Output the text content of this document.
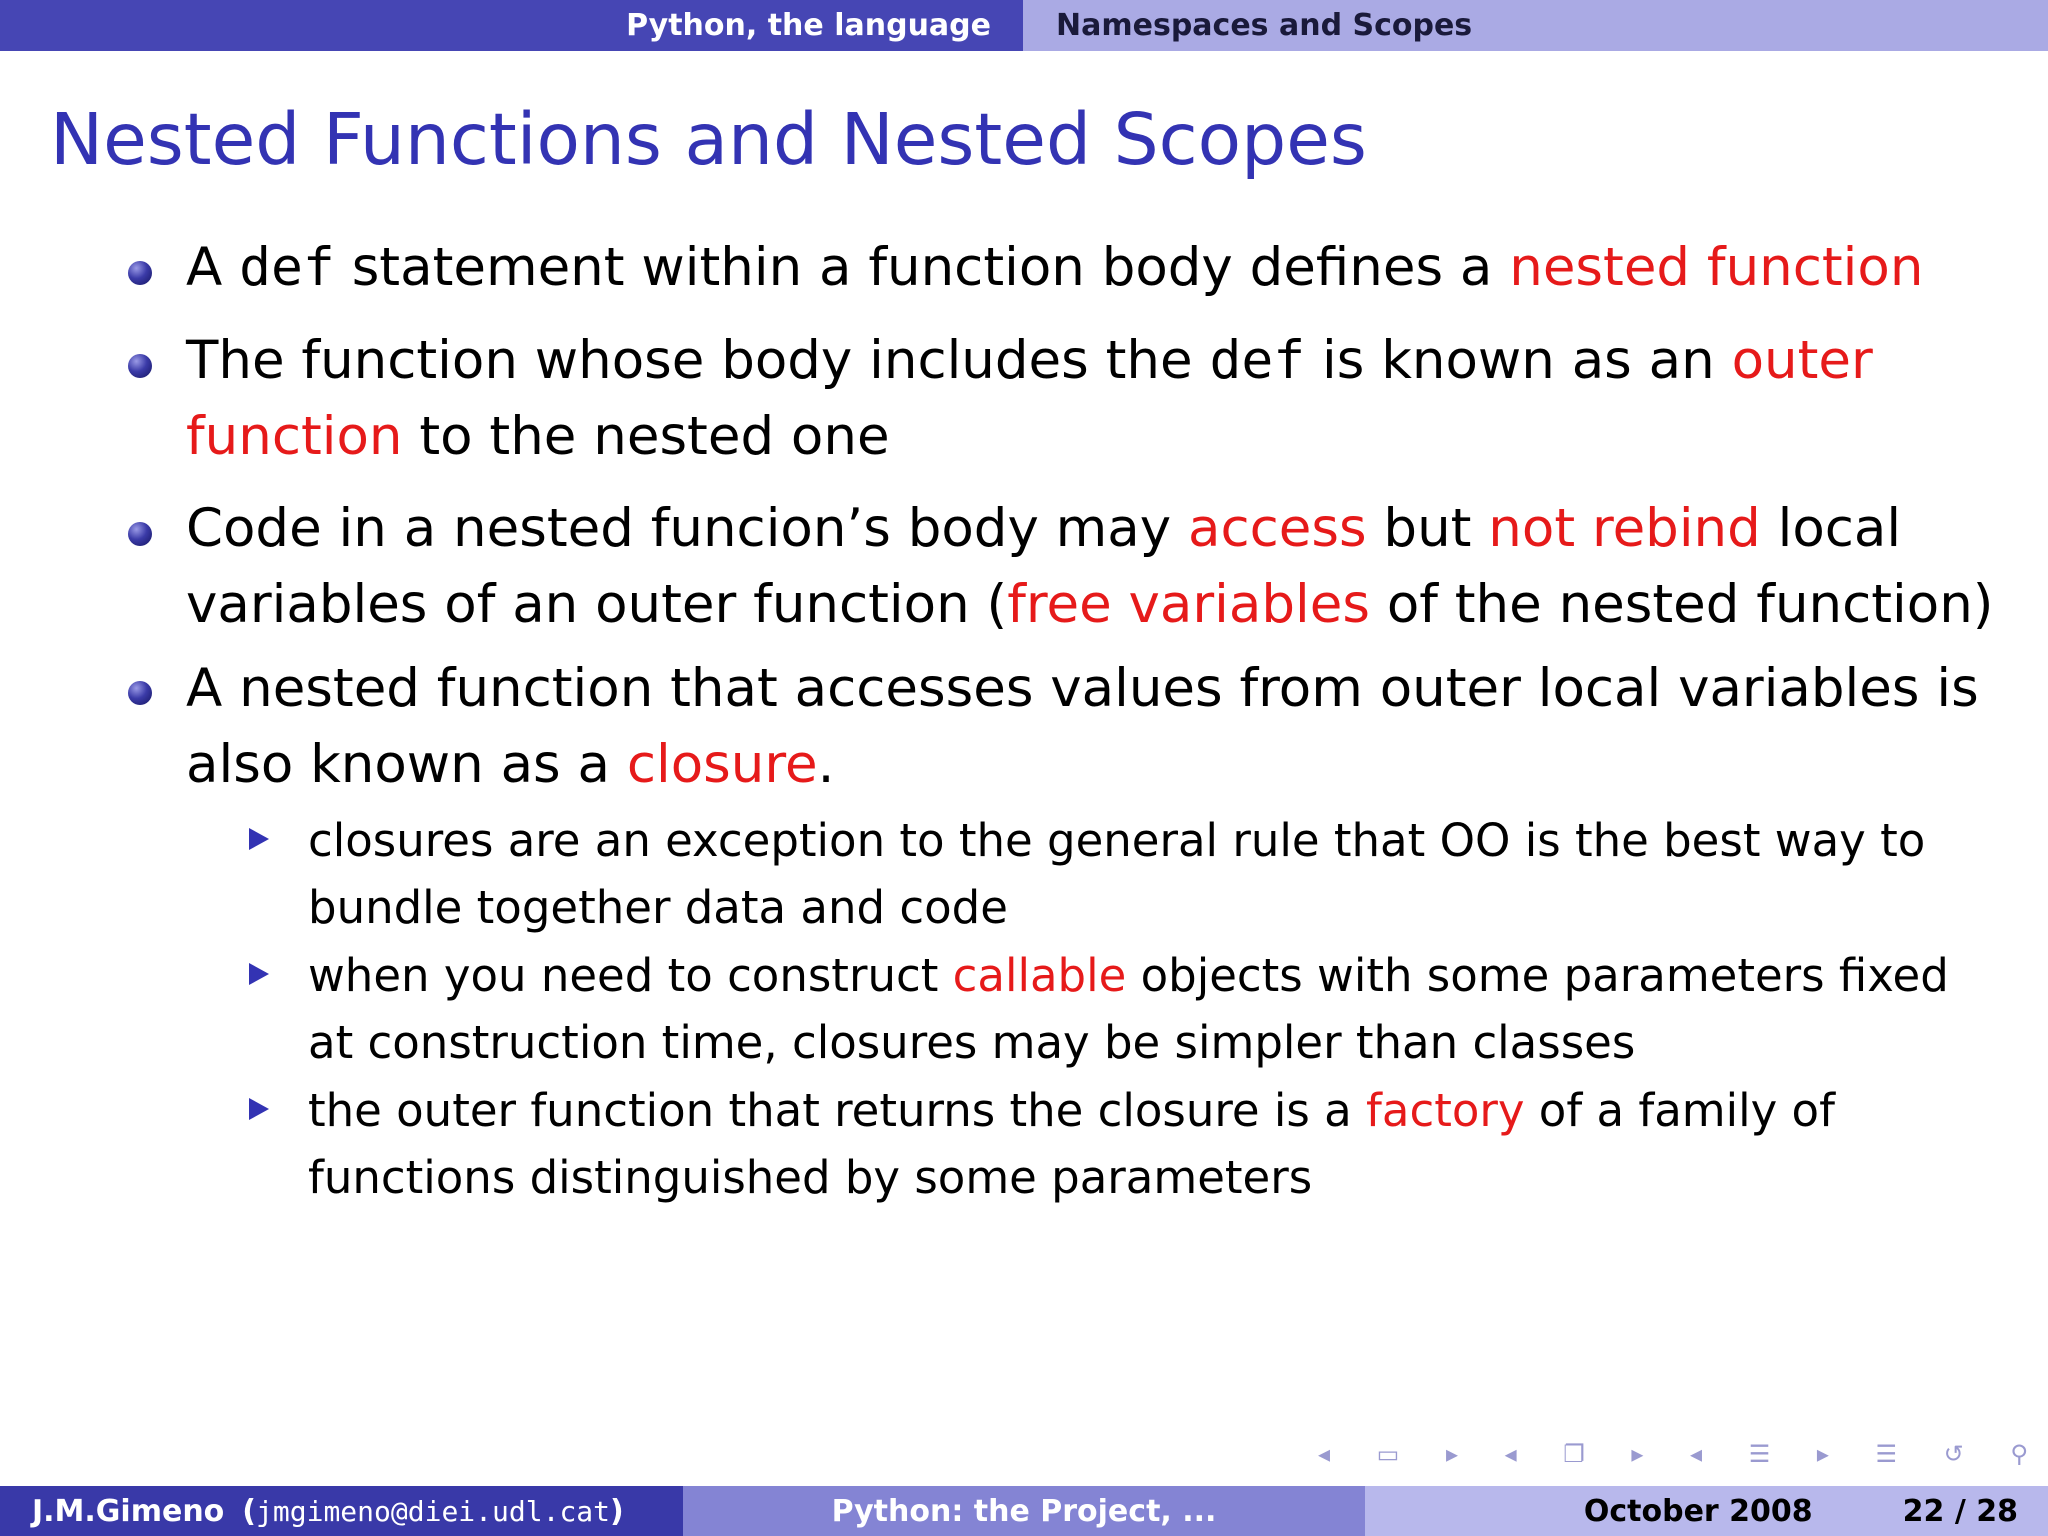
Python, the language Namespaces and Scopes
Nested Functions and Nested Scopes
A def statement within a function body defines a nested function
The function whose body includes the def is known as an outer
function to the nested one
Code in a nested funcion’s body may access but not rebind local
variables of an outer function (free variables of the nested function)
A nested function that accesses values from outer local variables is
also known as a closure.
closures are an exception to the general rule that OO is the best way to
bundle together data and code
when you need to construct callable objects with some parameters fixed
at construction time, closures may be simpler than classes
the outer function that returns the closure is a factory of a family of
functions distinguished by some parameters
◂ ▭ ▸ ◂ ❐ ▸ ◂ ☰ ▸ ☰ ↺ ⚲
J.M.Gimeno ( jmgimeno@diei.udl.cat )	Python: the Project, ...	October 2008	22 / 28
